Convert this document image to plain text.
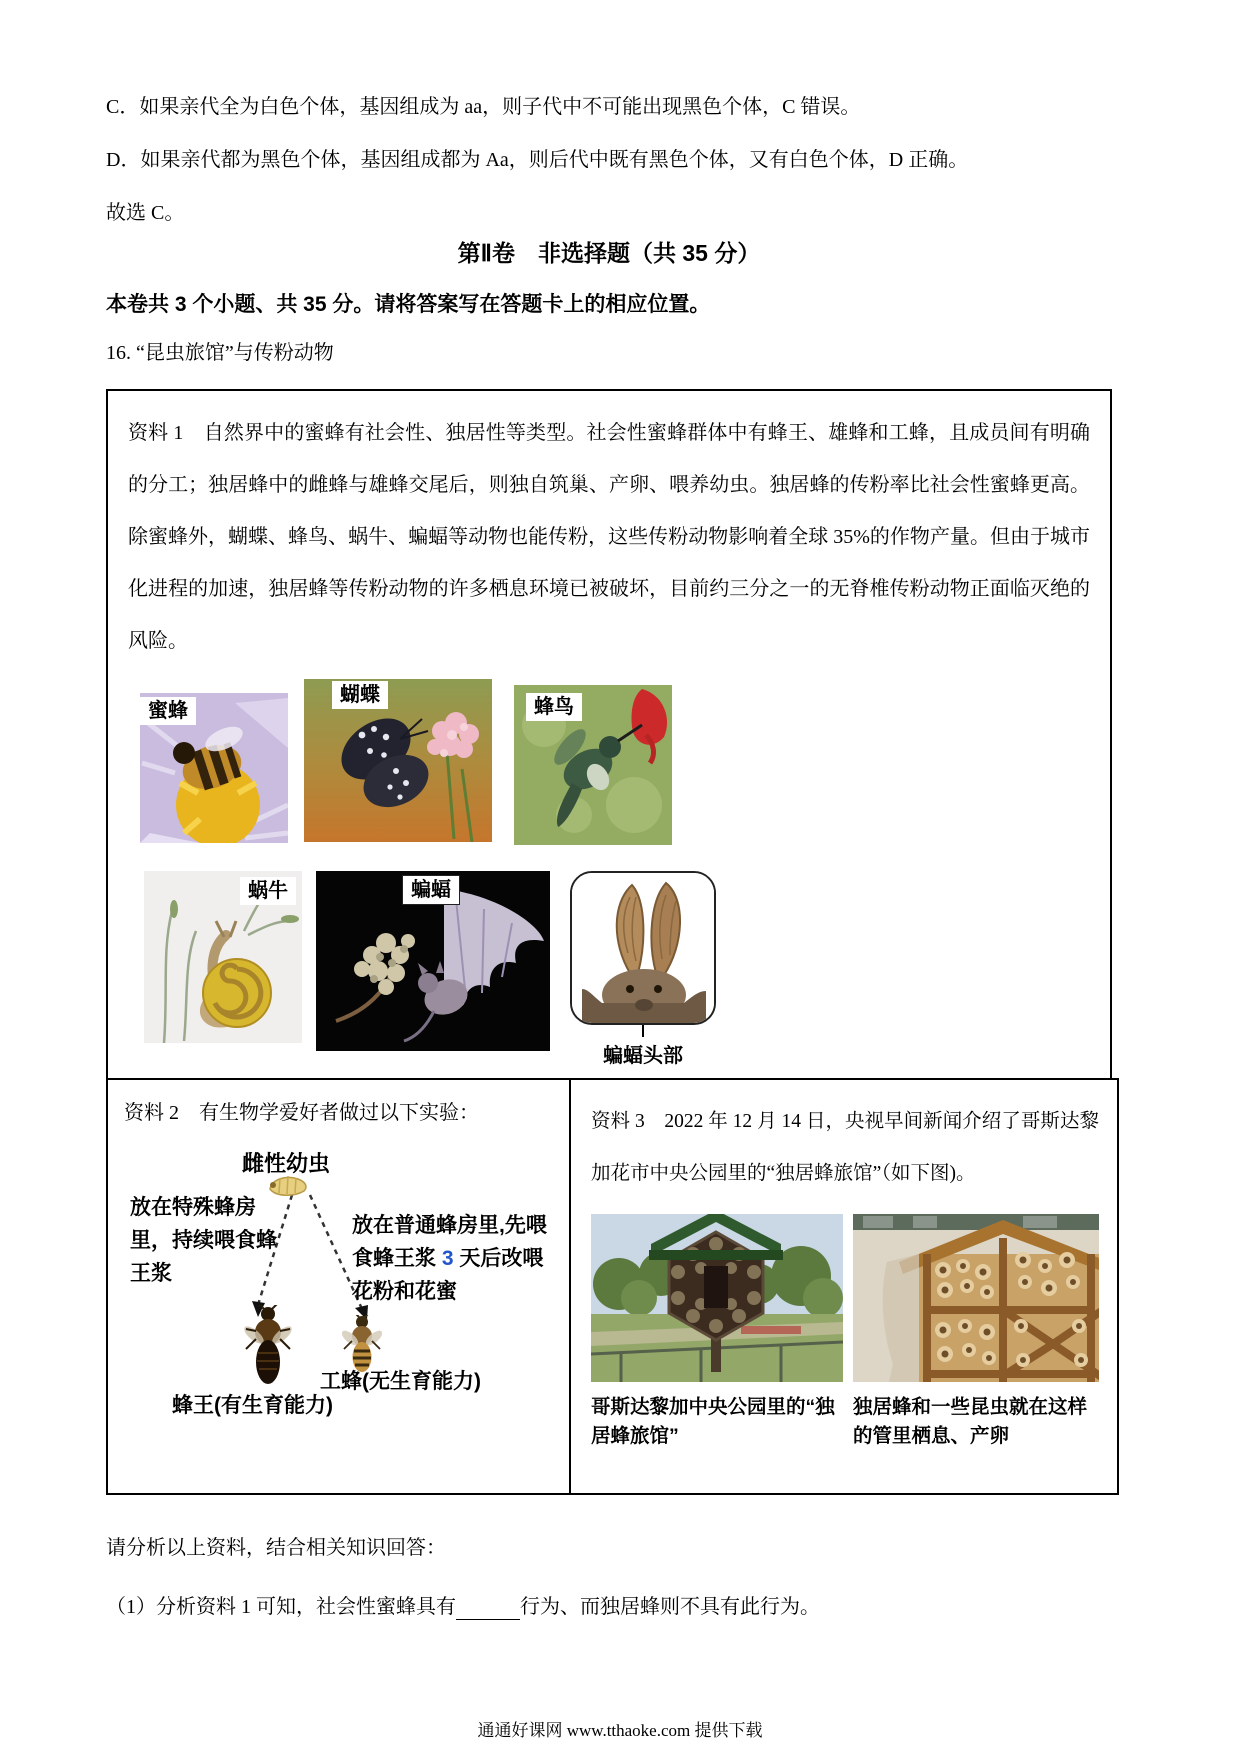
C．如果亲代全为白色个体，基因组成为 aa，则子代中不可能出现黑色个体，C 错误。

D．如果亲代都为黑色个体，基因组成都为 Aa，则后代中既有黑色个体，又有白色个体，D 正确。

故选 C。

第Ⅱ卷　非选择题（共 35 分）
本卷共 3 个小题、共 35 分。请将答案写在答题卡上的相应位置。

16. “昆虫旅馆”与传粉动物

资料 1　自然界中的蜜蜂有社会性、独居性等类型。社会性蜜蜂群体中有蜂王、雄蜂和工蜂，且成员间有明确的分工；独居蜂中的雌蜂与雄蜂交尾后，则独自筑巢、产卵、喂养幼虫。独居蜂的传粉率比社会性蜜蜂更高。除蜜蜂外，蝴蝶、蜂鸟、蜗牛、蝙蝠等动物也能传粉，这些传粉动物影响着全球 35%的作物产量。但由于城市化进程的加速，独居蜂等传粉动物的许多栖息环境已被破坏，目前约三分之一的无脊椎传粉动物正面临灭绝的风险。

蜜蜂
蝴蝶
蜂鸟
蜗牛	蝙蝠
蝙蝠头部

资料 2　有生物学爱好者做过以下实验：

雌性幼虫
放在特殊蜂房里，持续喂食蜂王浆
放在普通蜂房里,先喂食蜂王浆 3 天后改喂花粉和花蜜
蜂王(有生育能力)
工蜂(无生育能力)

资料 3　2022 年 12 月 14 日，央视早间新闻介绍了哥斯达黎加花市中央公园里的“独居蜂旅馆”（如下图)。

哥斯达黎加中央公园里的“独居蜂旅馆”
独居蜂和一些昆虫就在这样的管里栖息、产卵

请分析以上资料，结合相关知识回答：

（1）分析资料 1 可知，社会性蜜蜂具有	行为、而独居蜂则不具有此行为。

通通好课网 www.tthaoke.com 提供下载
